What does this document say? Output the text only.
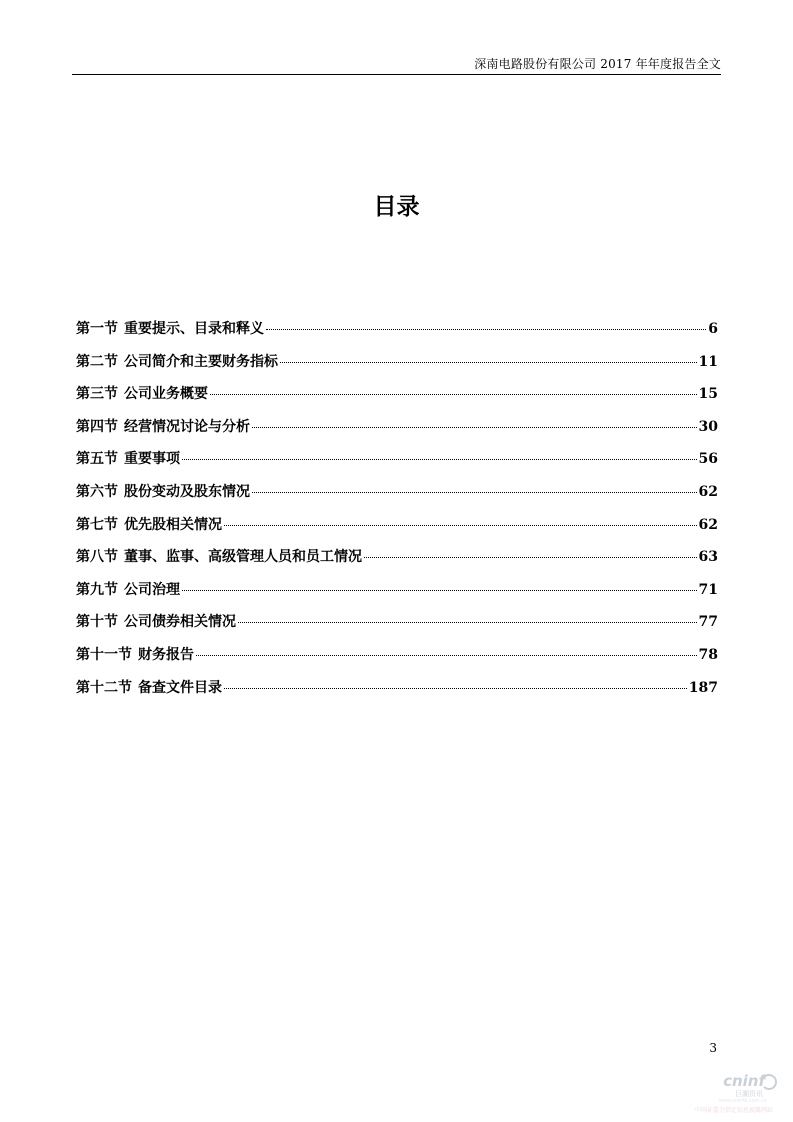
深南电路股份有限公司 2017 年年度报告全文
目录
第一节 重要提示、目录和释义	6
第二节 公司简介和主要财务指标	11
第三节 公司业务概要	15
第四节 经营情况讨论与分析	30
第五节 重要事项	56
第六节 股份变动及股东情况	62
第七节 优先股相关情况	62
第八节 董事、监事、高级管理人员和员工情况	63
第九节 公司治理	71
第十节 公司债券相关情况	77
第十一节 财务报告	78
第十二节 备查文件目录	187
3
cninf
巨潮资讯
www.cninfo.com.cn
中国证监会指定信息披露网站
